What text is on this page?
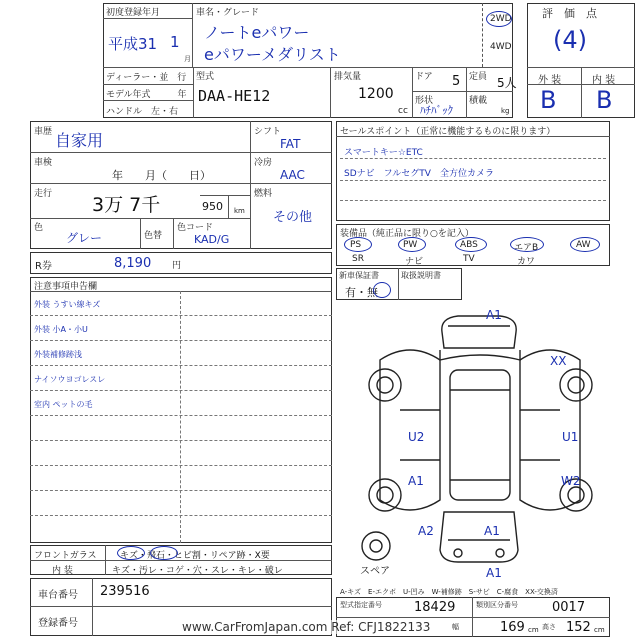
初度登録年月
平成31 1
月
車名・グレード
ノートeパワー
eパワーメダリスト
2WD
4WD
評　価　点
(4)
ディーラー・並　行
モデル年式　　　年
ハンドル　左・右
型式
DAA-HE12
排気量
1200
cc
ドア 5 定員 5人
形状
ﾊﾁﾊﾞｯｸ
積載
kg
外 装	内 装
B B
車歴 自家用
車検
年　　月（　　日）
走行 3万 7千	950 km
色
グレー	色替
色コード
KAD/G
シフト
FAT
冷房
AAC
燃料
その他
セールスポイント（正常に機能するものに限ります）
スマートキー☆ETC
SDナビ　フルセグTV　全方位カメラ
装備品（純正品に限り○を記入）
PS	PW	ABS	エアB	AW
SR	ナビ	TV	カワ
新車保証書
有・無
取扱説明書
R券	8,190 円
注意事項申告欄
外装 うすい線キズ
外装 小A・小U
外装補修跡浅
ナイソウヨゴレスレ
室内 ペットの毛
A1
XX
U2	U1
A1	W2
A2	A1
A1
スペア
A-キズ　E-エクボ　U-凹み　W-補修跡　S-サビ　C-腐食　XX-交換済
フロントガラス	キズ・飛石・ヒビ割・リペア跡・X要
内 装	キズ・汚レ・コゲ・穴・スレ・キレ・破レ
車台番号 239516
登録番号
型式指定番号 18429	類別区分番号	0017
幅	169 cm 高さ 152 cm
www.CarFromJapan.com Ref: CFJ1822133
